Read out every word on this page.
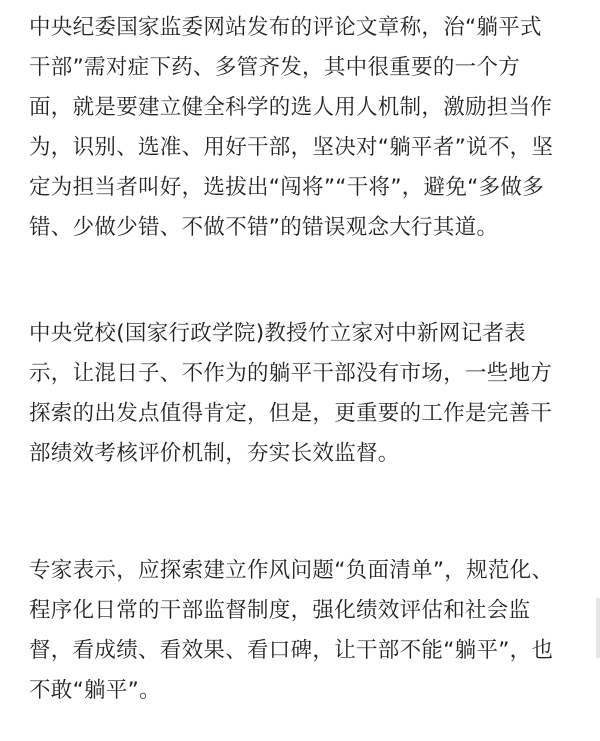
中央纪委国家监委网站发布的评论文章称，治“躺平式
干部”需对症下药、多管齐发，其中很重要的一个方
面，就是要建立健全科学的选人用人机制，激励担当作
为，识别、选准、用好干部，坚决对“躺平者”说不，坚
定为担当者叫好，选拔出“闯将”“干将”，避免“多做多
错、少做少错、不做不错”的错误观念大行其道。

中央党校(国家行政学院)教授竹立家对中新网记者表
示，让混日子、不作为的躺平干部没有市场，一些地方
探索的出发点值得肯定，但是，更重要的工作是完善干
部绩效考核评价机制，夯实长效监督。

专家表示，应探索建立作风问题“负面清单”，规范化、
程序化日常的干部监督制度，强化绩效评估和社会监
督，看成绩、看效果、看口碑，让干部不能“躺平”，也
不敢“躺平”。
